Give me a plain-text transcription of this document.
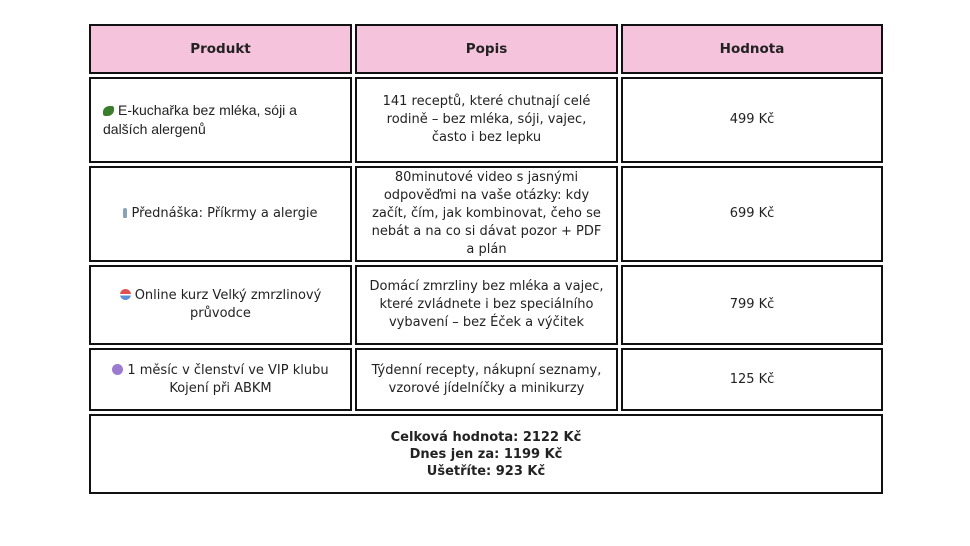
Produkt	Popis	Hodnota
E-kuchařka bez mléka, sóji a dalších alergenů
141 receptů, které chutnají celé rodině – bez mléka, sóji, vajec, často i bez lepku
499 Kč
Přednáška: Příkrmy a alergie
80minutové video s jasnými odpověďmi na vaše otázky: kdy začít, čím, jak kombinovat, čeho se nebát a na co si dávat pozor + PDF a plán
699 Kč
Online kurz Velký zmrzlinový průvodce
Domácí zmrzliny bez mléka a vajec, které zvládnete i bez speciálního vybavení – bez Éček a výčitek
799 Kč
1 měsíc v členství ve VIP klubu Kojení při ABKM
Týdenní recepty, nákupní seznamy, vzorové jídelníčky a minikurzy
125 Kč
Celková hodnota: 2122 Kč
Dnes jen za: 1199 Kč
Ušetříte: 923 Kč
